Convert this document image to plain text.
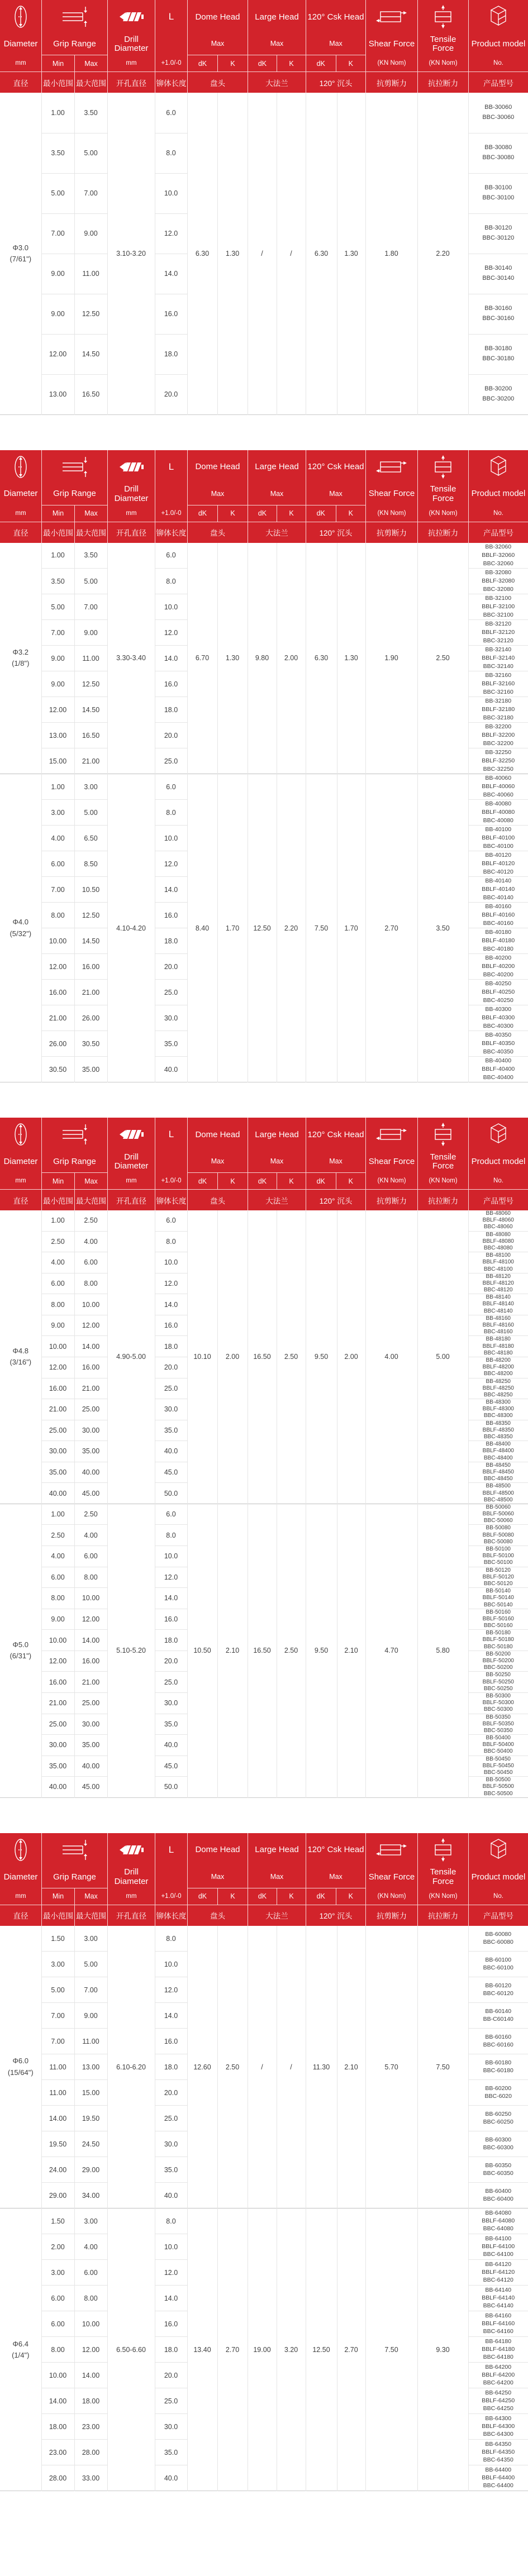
Diameter
mm
Grip Range
Min	Max
Drill Diameter
mm
L
+1.0/-0
Dome Head
Max
dK	K
Large Head
Max
dK	K
120° Csk Head
Max
dK	K
Shear Force
(KN Nom)
Tensile Force
(KN Nom)
Product model
No.
直径	最小范围 最大范围	开孔直径	铆体长度	盘头	大法兰	120° 沉头	抗剪断力	抗拉断力	产品型号
Φ3.0
(7/61")
	1.00	3.50	3.10-3.20	6.0	6.30	1.30	/	/	6.30	1.30	1.80	2.20	
BB-30060
BBC-30060

	3.50	5.00		8.0									BB-30080
BBC-30080

	5.00	7.00		10.0									BB-30100
BBC-30100

	7.00	9.00		12.0									BB-30120
BBC-30120

	9.00	11.00		14.0									BB-30140
BBC-30140

	9.00	12.50		16.0									BB-30160
BBC-30160

	12.00	14.50		18.0									BB-30180
BBC-30180

	13.00	16.50		20.0									BB-30200
BBC-30200
Diameter
mm
Grip Range
Min	Max
Drill Diameter
mm
L
+1.0/-0
Dome Head
Max
dK	K
Large Head
Max
dK	K
120° Csk Head
Max
dK	K
Shear Force
(KN Nom)
Tensile Force
(KN Nom)
Product model
No.
直径	最小范围 最大范围	开孔直径	铆体长度	盘头	大法兰	120° 沉头	抗剪断力	抗拉断力	产品型号
Φ3.2
(1/8")
	1.00	3.50	3.30-3.40	6.0	6.70	1.30	9.80	2.00	6.30	1.30	1.90	2.50	
BB-32060
BBLF-32060
BBC-32060

	3.50	5.00		8.0									BB-32080
BBLF-32080
BBC-32080

	5.00	7.00		10.0									BB-32100
BBLF-32100
BBC-32100

	7.00	9.00		12.0									BB-32120
BBLF-32120
BBC-32120

	9.00	11.00		14.0									BB-32140
BBLF-32140
BBC-32140

	9.00	12.50		16.0									BB-32160
BBLF-32160
BBC-32160

	12.00	14.50		18.0									BB-32180
BBLF-32180
BBC-32180

	13.00	16.50		20.0									BB-32200
BBLF-32200
BBC-32200

	15.00	21.00		25.0									BB-32250
BBLF-32250
BBC-32250

Φ4.0
(5/32")
	1.00	3.00	4.10-4.20	6.0	8.40	1.70	12.50	2.20	7.50	1.70	2.70	3.50	
BB-40060
BBLF-40060
BBC-40060

	3.00	5.00		8.0									BB-40080
BBLF-40080
BBC-40080

	4.00	6.50		10.0									BB-40100
BBLF-40100
BBC-40100

	6.00	8.50		12.0									BB-40120
BBLF-40120
BBC-40120

	7.00	10.50		14.0									BB-40140
BBLF-40140
BBC-40140

	8.00	12.50		16.0									BB-40160
BBLF-40160
BBC-40160

	10.00	14.50		18.0									BB-40180
BBLF-40180
BBC-40180

	12.00	16.00		20.0									BB-40200
BBLF-40200
BBC-40200

	16.00	21.00		25.0									BB-40250
BBLF-40250
BBC-40250

	21.00	26.00		30.0									BB-40300
BBLF-40300
BBC-40300

	26.00	30.50		35.0									BB-40350
BBLF-40350
BBC-40350

	30.50	35.00		40.0									BB-40400
BBLF-40400
BBC-40400
Diameter
mm
Grip Range
Min	Max
Drill Diameter
mm
L
+1.0/-0
Dome Head
Max
dK	K
Large Head
Max
dK	K
120° Csk Head
Max
dK	K
Shear Force
(KN Nom)
Tensile Force
(KN Nom)
Product model
No.
直径	最小范围 最大范围	开孔直径	铆体长度	盘头	大法兰	120° 沉头	抗剪断力	抗拉断力	产品型号
Φ4.8
(3/16")
	1.00	2.50	4.90-5.00	6.0	10.10	2.00	16.50	2.50	9.50	2.00	4.00	5.00	
BB-48060
BBLF-48060
BBC-48060

	2.50	4.00		8.0									BB-48080
BBLF-48080
BBC-48080

	4.00	6.00		10.0									BB-48100
BBLF-48100
BBC-48100

	6.00	8.00		12.0									BB-48120
BBLF-48120
BBC-48120

	8.00	10.00		14.0									BB-48140
BBLF-48140
BBC-48140

	9.00	12.00		16.0									BB-48160
BBLF-48160
BBC-48160

	10.00	14.00		18.0									BB-48180
BBLF-48180
BBC-48180

	12.00	16.00		20.0									BB-48200
BBLF-48200
BBC-48200

	16.00	21.00		25.0									BB-48250
BBLF-48250
BBC-48250

	21.00	25.00		30.0									BB-48300
BBLF-48300
BBC-48300

	25.00	30.00		35.0									BB-48350
BBLF-48350
BBC-48350

	30.00	35.00		40.0									BB-48400
BBLF-48400
BBC-48400

	35.00	40.00		45.0									BB-48450
BBLF-48450
BBC-48450

	40.00	45.00		50.0									BB-48500
BBLF-48500
BBC-48500

Φ5.0
(6/31")
	1.00	2.50	5.10-5.20	6.0	10.50	2.10	16.50	2.50	9.50	2.10	4.70	5.80	
BB-50060
BBLF-50060
BBC-50060

	2.50	4.00		8.0									BB-50080
BBLF-50080
BBC-50080

	4.00	6.00		10.0									BB-50100
BBLF-50100
BBC-50100

	6.00	8.00		12.0									BB-50120
BBLF-50120
BBC-50120

	8.00	10.00		14.0									BB-50140
BBLF-50140
BBC-50140

	9.00	12.00		16.0									BB-50160
BBLF-50160
BBC-50160

	10.00	14.00		18.0									BB-50180
BBLF-50180
BBC-50180

	12.00	16.00		20.0									BB-50200
BBLF-50200
BBC-50200

	16.00	21.00		25.0									BB-50250
BBLF-50250
BBC-50250

	21.00	25.00		30.0									BB-50300
BBLF-50300
BBC-50300

	25.00	30.00		35.0									BB-50350
BBLF-50350
BBC-50350

	30.00	35.00		40.0									BB-50400
BBLF-50400
BBC-50400

	35.00	40.00		45.0									BB-50450
BBLF-50450
BBC-50450

	40.00	45.00		50.0									BB-50500
BBLF-50500
BBC-50500
Diameter
mm
Grip Range
Min	Max
Drill Diameter
mm
L
+1.0/-0
Dome Head
Max
dK	K
Large Head
Max
dK	K
120° Csk Head
Max
dK	K
Shear Force
(KN Nom)
Tensile Force
(KN Nom)
Product model
No.
直径	最小范围 最大范围	开孔直径	铆体长度	盘头	大法兰	120° 沉头	抗剪断力	抗拉断力	产品型号
Φ6.0
(15/64")
	1.50	3.00	6.10-6.20	8.0	12.60	2.50	/	/	11.30	2.10	5.70	7.50	
BB-60080
BBC-60080

	3.00	5.00		10.0									BB-60100
BBC-60100

	5.00	7.00		12.0									BB-60120
BBC-60120

	7.00	9.00		14.0									BB-60140
BB-C60140

	7.00	11.00		16.0									BB-60160
BBC-60160

	11.00	13.00		18.0									BB-60180
BBC-60180

	11.00	15.00		20.0									BB-60200
BBC-6020

	14.00	19.50		25.0									BB-60250
BBC-60250

	19.50	24.50		30.0									BB-60300
BBC-60300

	24.00	29.00		35.0									BB-60350
BBC-60350

	29.00	34.00		40.0									BB-60400
BBC-60400

Φ6.4
(1/4")
	1.50	3.00	6.50-6.60	8.0	13.40	2.70	19.00	3.20	12.50	2.70	7.50	9.30	
BB-64080
BBLF-64080
BBC-64080

	2.00	4.00		10.0									BB-64100
BBLF-64100
BBC-64100

	3.00	6.00		12.0									BB-64120
BBLF-64120
BBC-64120

	6.00	8.00		14.0									BB-64140
BBLF-64140
BBC-64140

	6.00	10.00		16.0									BB-64160
BBLF-64160
BBC-64160

	8.00	12.00		18.0									BB-64180
BBLF-64180
BBC-64180

	10.00	14.00		20.0									BB-64200
BBLF-64200
BBC-64200

	14.00	18.00		25.0									BB-64250
BBLF-64250
BBC-64250

	18.00	23.00		30.0									BB-64300
BBLF-64300
BBC-64300

	23.00	28.00		35.0									BB-64350
BBLF-64350
BBC-64350

	28.00	33.00		40.0									BB-64400
BBLF-64400
BBC-64400
